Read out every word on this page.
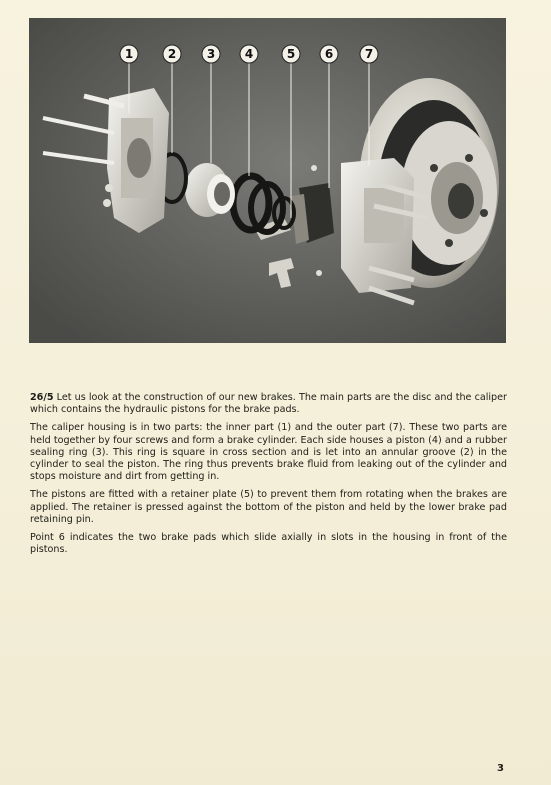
1	2	3 4	5 6	7

26/5 Let us look at the construction of our new brakes. The main parts are the disc and the caliper which contains the hydraulic pistons for the brake pads.

The caliper housing is in two parts: the inner part (1) and the outer part (7). These two parts are held together by four screws and form a brake cylinder. Each side houses a piston (4) and a rubber sealing ring (3). This ring is square in cross section and is let into an annular groove (2) in the cylinder to seal the piston. The ring thus prevents brake fluid from leaking out of the cylinder and stops moisture and dirt from getting in.

The pistons are fitted with a retainer plate (5) to prevent them from rotating when the brakes are applied. The retainer is pressed against the bottom of the piston and held by the lower brake pad retaining pin.

Point 6 indicates the two brake pads which slide axially in slots in the housing in front of the pistons.

3
